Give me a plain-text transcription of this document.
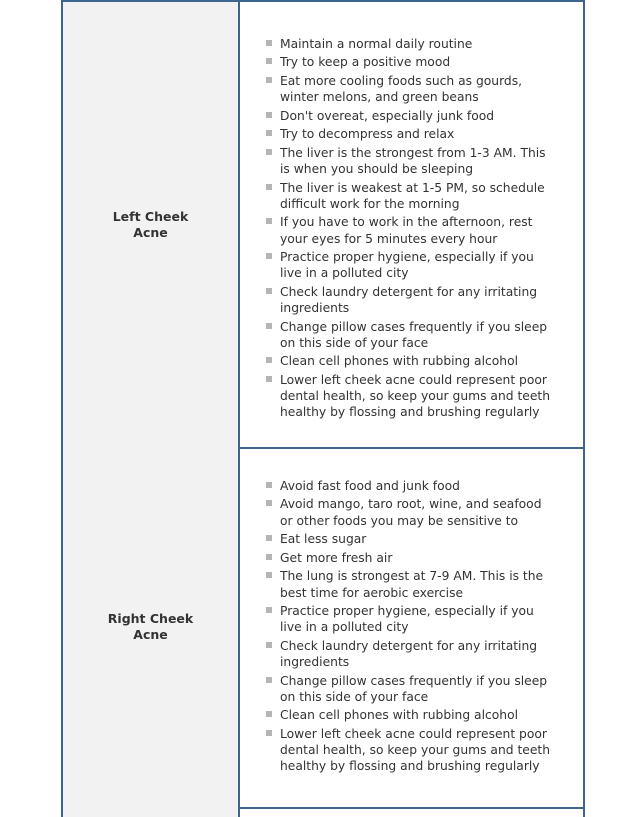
Left Cheek
Acne
Maintain a normal daily routine
Try to keep a positive mood
Eat more cooling foods such as gourds, winter melons, and green beans
Don't overeat, especially junk food
Try to decompress and relax
The liver is the strongest from 1-3 AM. This is when you should be sleeping
The liver is weakest at 1-5 PM, so schedule difficult work for the morning
If you have to work in the afternoon, rest your eyes for 5 minutes every hour
Practice proper hygiene, especially if you live in a polluted city
Check laundry detergent for any irritating ingredients
Change pillow cases frequently if you sleep on this side of your face
Clean cell phones with rubbing alcohol
Lower left cheek acne could represent poor dental health, so keep your gums and teeth healthy by flossing and brushing regularly
Right Cheek
Acne
Avoid fast food and junk food
Avoid mango, taro root, wine, and seafood or other foods you may be sensitive to
Eat less sugar
Get more fresh air
The lung is strongest at 7-9 AM. This is the best time for aerobic exercise
Practice proper hygiene, especially if you live in a polluted city
Check laundry detergent for any irritating ingredients
Change pillow cases frequently if you sleep on this side of your face
Clean cell phones with rubbing alcohol
Lower left cheek acne could represent poor dental health, so keep your gums and teeth healthy by flossing and brushing regularly
